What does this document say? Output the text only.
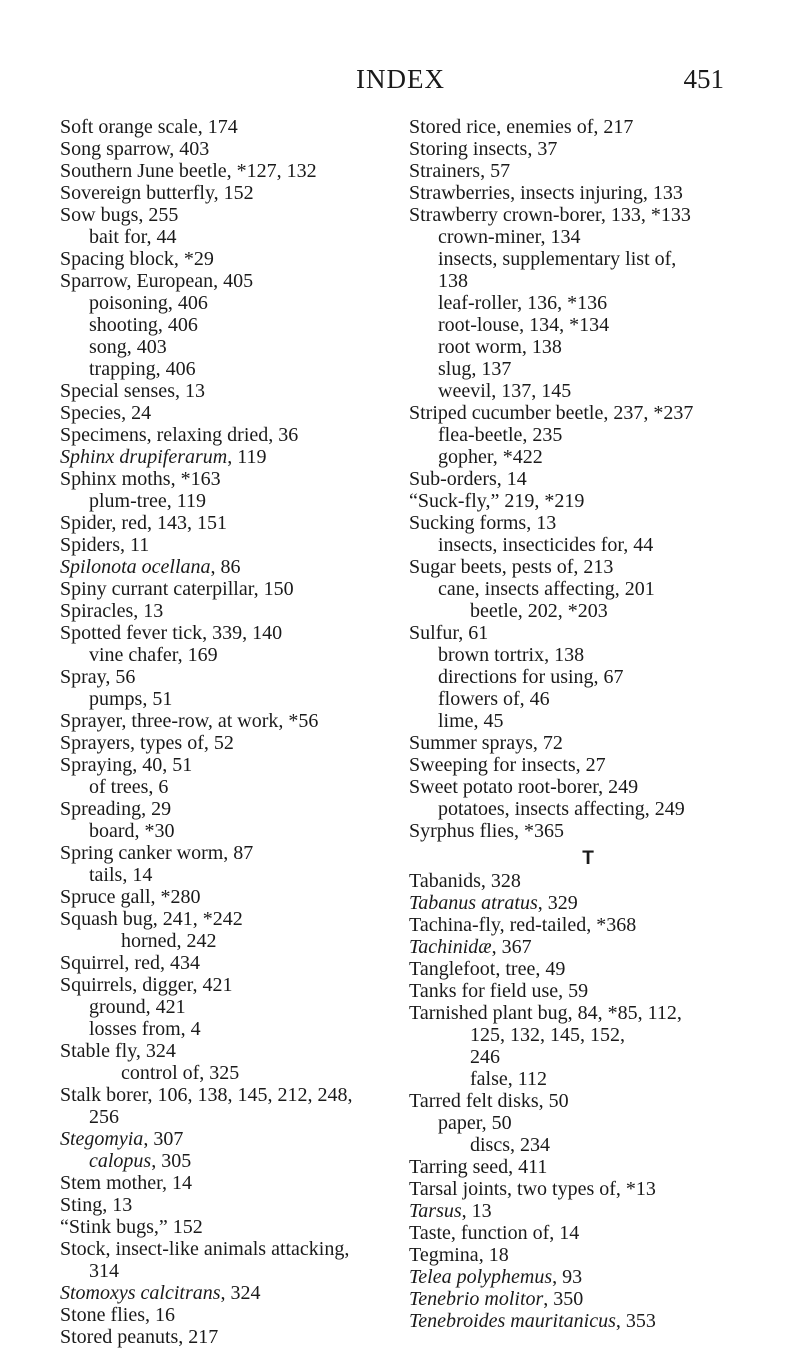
INDEX	451
Soft orange scale, 174
Song sparrow, 403
Southern June beetle, *127, 132
Sovereign butterfly, 152
Sow bugs, 255
bait for, 44
Spacing block, *29
Sparrow, European, 405
poisoning, 406
shooting, 406
song, 403
trapping, 406
Special senses, 13
Species, 24
Specimens, relaxing dried, 36
Sphinx drupiferarum, 119
Sphinx moths, *163
plum-tree, 119
Spider, red, 143, 151
Spiders, 11
Spilonota ocellana, 86
Spiny currant caterpillar, 150
Spiracles, 13
Spotted fever tick, 339, 140
vine chafer, 169
Spray, 56
pumps, 51
Sprayer, three-row, at work, *56
Sprayers, types of, 52
Spraying, 40, 51
of trees, 6
Spreading, 29
board, *30
Spring canker worm, 87
tails, 14
Spruce gall, *280
Squash bug, 241, *242
horned, 242
Squirrel, red, 434
Squirrels, digger, 421
ground, 421
losses from, 4
Stable fly, 324
control of, 325
Stalk borer, 106, 138, 145, 212, 248,
256
Stegomyia, 307
calopus, 305
Stem mother, 14
Sting, 13
“Stink bugs,” 152
Stock, insect-like animals attacking,
314
Stomoxys calcitrans, 324
Stone flies, 16
Stored peanuts, 217
Stored rice, enemies of, 217
Storing insects, 37
Strainers, 57
Strawberries, insects injuring, 133
Strawberry crown-borer, 133, *133
crown-miner, 134
insects, supplementary list of,
138
leaf-roller, 136, *136
root-louse, 134, *134
root worm, 138
slug, 137
weevil, 137, 145
Striped cucumber beetle, 237, *237
flea-beetle, 235
gopher, *422
Sub-orders, 14
“Suck-fly,” 219, *219
Sucking forms, 13
insects, insecticides for, 44
Sugar beets, pests of, 213
cane, insects affecting, 201
beetle, 202, *203
Sulfur, 61
brown tortrix, 138
directions for using, 67
flowers of, 46
lime, 45
Summer sprays, 72
Sweeping for insects, 27
Sweet potato root-borer, 249
potatoes, insects affecting, 249
Syrphus flies, *365
T
Tabanids, 328
Tabanus atratus, 329
Tachina-fly, red-tailed, *368
Tachinidæ, 367
Tanglefoot, tree, 49
Tanks for field use, 59
Tarnished plant bug, 84, *85, 112,
125, 132, 145, 152,
246
false, 112
Tarred felt disks, 50
paper, 50
discs, 234
Tarring seed, 411
Tarsal joints, two types of, *13
Tarsus, 13
Taste, function of, 14
Tegmina, 18
Telea polyphemus, 93
Tenebrio molitor, 350
Tenebroides mauritanicus, 353
